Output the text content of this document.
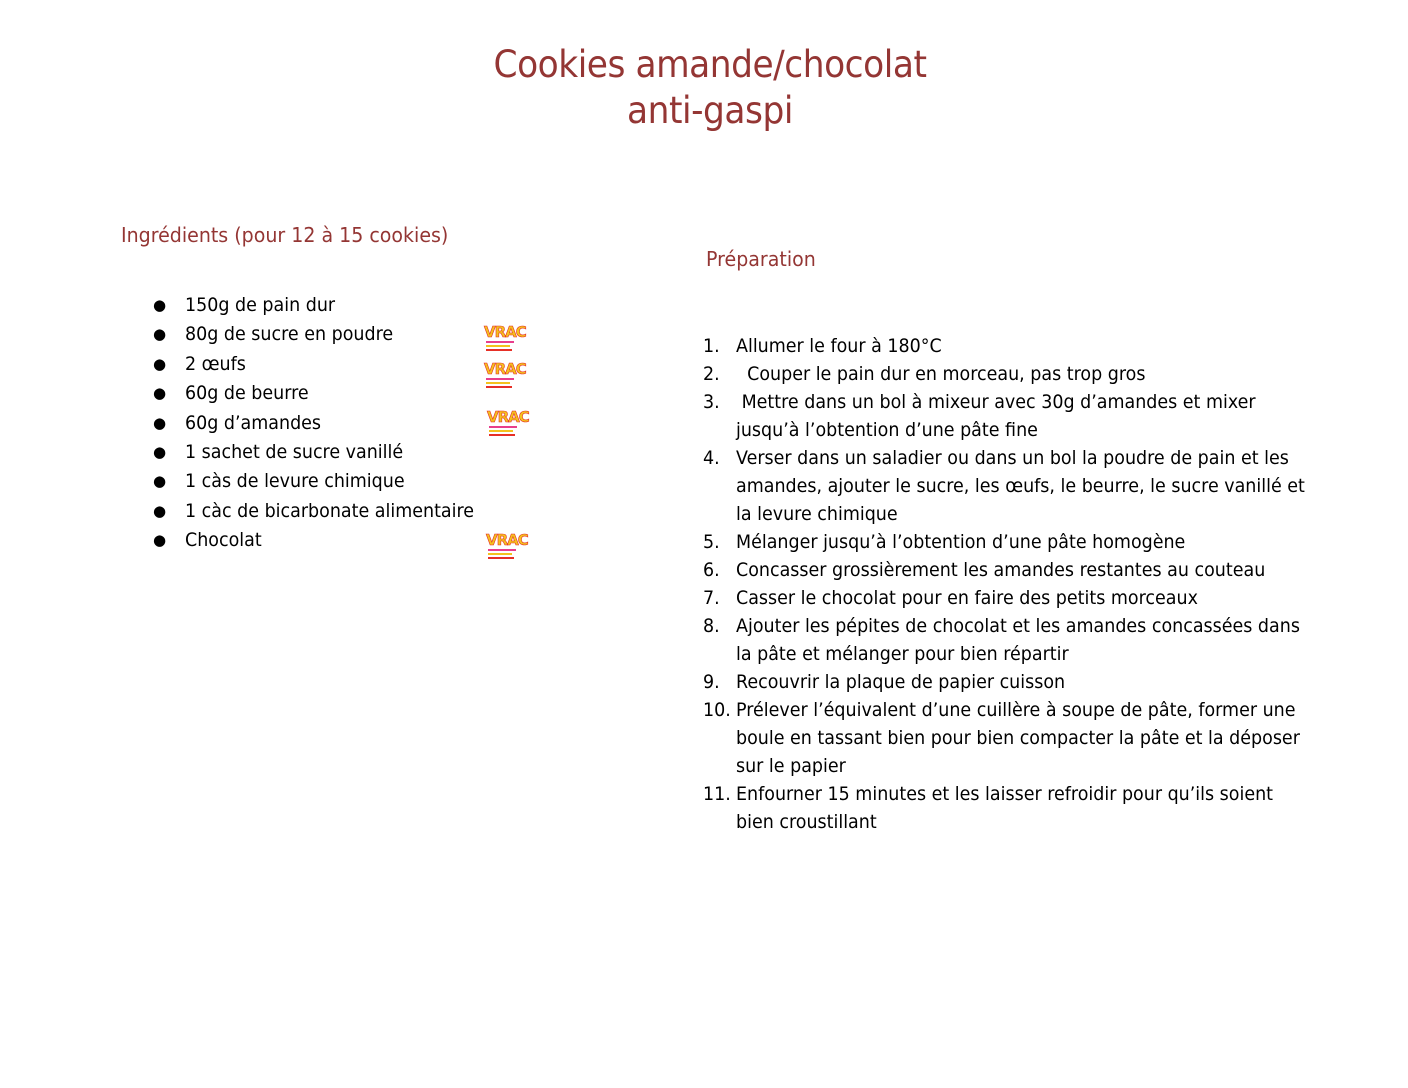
Cookies amande/chocolat
anti-gaspi
Ingrédients (pour 12 à 15 cookies)
● 150g de pain dur
● 80g de sucre en poudre
● 2 œufs
● 60g de beurre
● 60g d’amandes
● 1 sachet de sucre vanillé
● 1 càs de levure chimique
● 1 càc de bicarbonate alimentaire
● Chocolat
VRAC
VRAC
VRAC
VRAC
Préparation
1. Allumer le four à 180°C
2. Couper le pain dur en morceau, pas trop gros
3. Mettre dans un bol à mixeur avec 30g d’amandes et mixer jusqu’à l’obtention d’une pâte fine
4. Verser dans un saladier ou dans un bol la poudre de pain et les amandes, ajouter le sucre, les œufs, le beurre, le sucre vanillé et la levure chimique
5. Mélanger jusqu’à l’obtention d’une pâte homogène
6. Concasser grossièrement les amandes restantes au couteau
7. Casser le chocolat pour en faire des petits morceaux
8. Ajouter les pépites de chocolat et les amandes concassées dans la pâte et mélanger pour bien répartir
9. Recouvrir la plaque de papier cuisson
10. Prélever l’équivalent d’une cuillère à soupe de pâte, former une boule en tassant bien pour bien compacter la pâte et la déposer sur le papier
11. Enfourner 15 minutes et les laisser refroidir pour qu’ils soient bien croustillant
